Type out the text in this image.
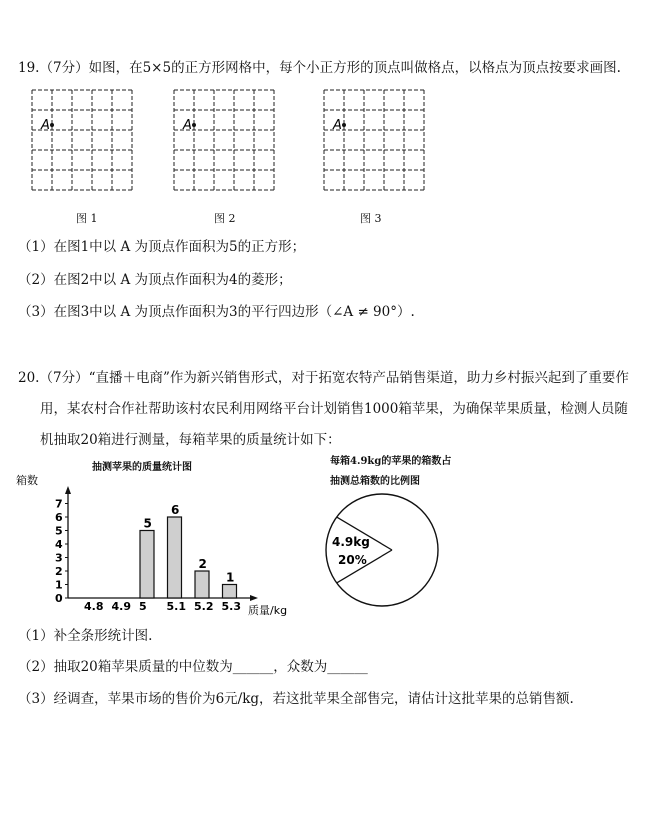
19.（7分）如图，在5×5的正方形网格中，每个小正方形的顶点叫做格点，以格点为顶点按要求画图.
A
图 1
A
图 2
A
图 3
（1）在图1中以 A 为顶点作面积为5的正方形；
（2）在图2中以 A 为顶点作面积为4的菱形；
（3）在图3中以 A 为顶点作面积为3的平行四边形（∠A ≠ 90°）.
20.（7分）“直播＋电商”作为新兴销售形式，对于拓宽农特产品销售渠道，助力乡村振兴起到了重要作
用，某农村合作社帮助该村农民利用网络平台计划销售1000箱苹果，为确保苹果质量，检测人员随
机抽取20箱进行测量，每箱苹果的质量统计如下：
抽测苹果的质量统计图
箱数
质量/kg
0
1
2
3
4
5
6
7
4.8 4.9 5
5
5.1
6
5.2
2
5.3
1
每箱4.9kg的苹果的箱数占
抽测总箱数的比例图
4.9kg
20%
（1）补全条形统计图.
（2）抽取20箱苹果质量的中位数为______，众数为______
（3）经调查，苹果市场的售价为6元/kg，若这批苹果全部售完，请估计这批苹果的总销售额.
